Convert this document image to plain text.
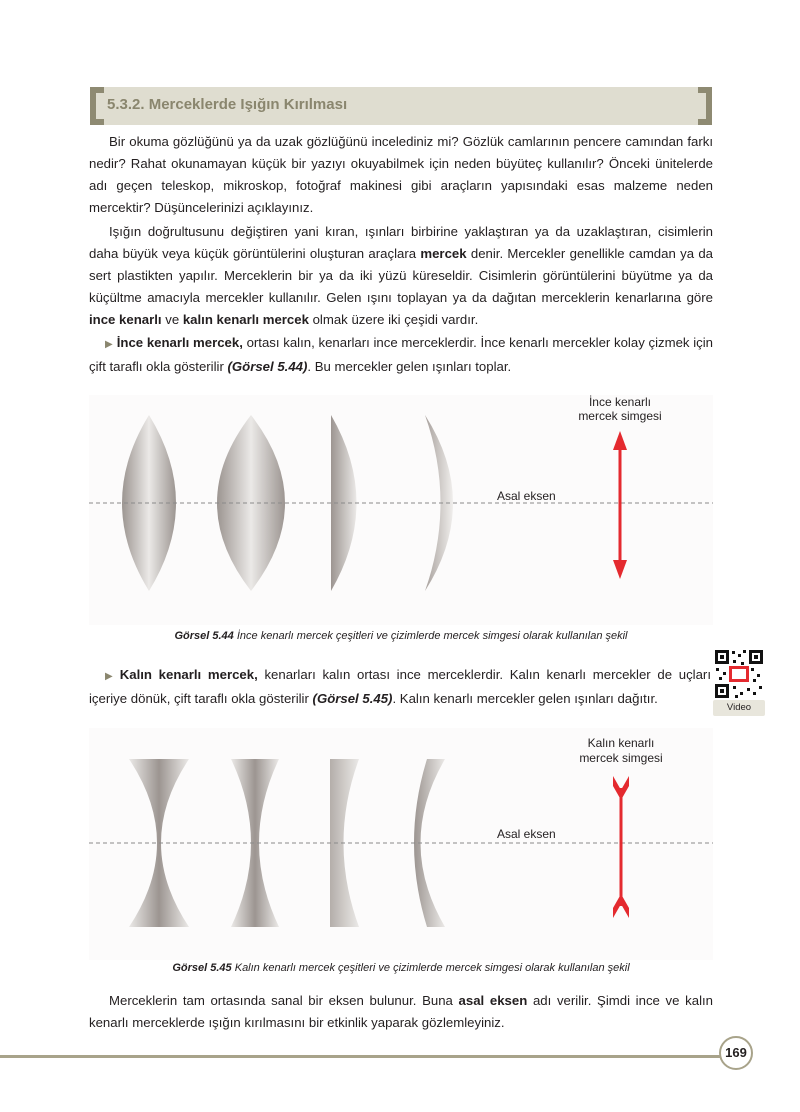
5.3.2. Merceklerde Işığın Kırılması

Bir okuma gözlüğünü ya da uzak gözlüğünü incelediniz mi? Gözlük camlarının pencere camından farkı nedir? Rahat okunamayan küçük bir yazıyı okuyabilmek için neden büyüteç kullanılır? Önceki ünitelerde adı geçen teleskop, mikroskop, fotoğraf makinesi gibi araçların yapısındaki esas malzeme neden mercektir? Düşüncelerinizi açıklayınız.

Işığın doğrultusunu değiştiren yani kıran, ışınları birbirine yaklaştıran ya da uzaklaştıran, cisimlerin daha büyük veya küçük görüntülerini oluşturan araçlara mercek denir. Mercekler genellikle camdan ya da sert plastikten yapılır. Merceklerin bir ya da iki yüzü küreseldir. Cisimlerin görüntülerini büyütme ya da küçültme amacıyla mercekler kullanılır. Gelen ışını toplayan ya da dağıtan merceklerin kenarlarına göre ince kenarlı ve kalın kenarlı mercek olmak üzere iki çeşidi vardır.

▶ İnce kenarlı mercek, ortası kalın, kenarları ince merceklerdir. İnce kenarlı mercekler kolay çizmek için çift taraflı okla gösterilir (Görsel 5.44). Bu mercekler gelen ışınları toplar.

Asal eksen
İnce kenarlı
mercek simgesi
Görsel 5.44 İnce kenarlı mercek çeşitleri ve çizimlerde mercek simgesi olarak kullanılan şekil

▶ Kalın kenarlı mercek, kenarları kalın ortası ince merceklerdir. Kalın kenarlı mercekler de uçları içeriye dönük, çift taraflı okla gösterilir (Görsel 5.45). Kalın kenarlı mercekler gelen ışınları dağıtır.

Video
Asal eksen
Kalın kenarlı
mercek simgesi
Görsel 5.45 Kalın kenarlı mercek çeşitleri ve çizimlerde mercek simgesi olarak kullanılan şekil

Merceklerin tam ortasında sanal bir eksen bulunur. Buna asal eksen adı verilir. Şimdi ince ve kalın kenarlı merceklerde ışığın kırılmasını bir etkinlik yaparak gözlemleyiniz.

169
